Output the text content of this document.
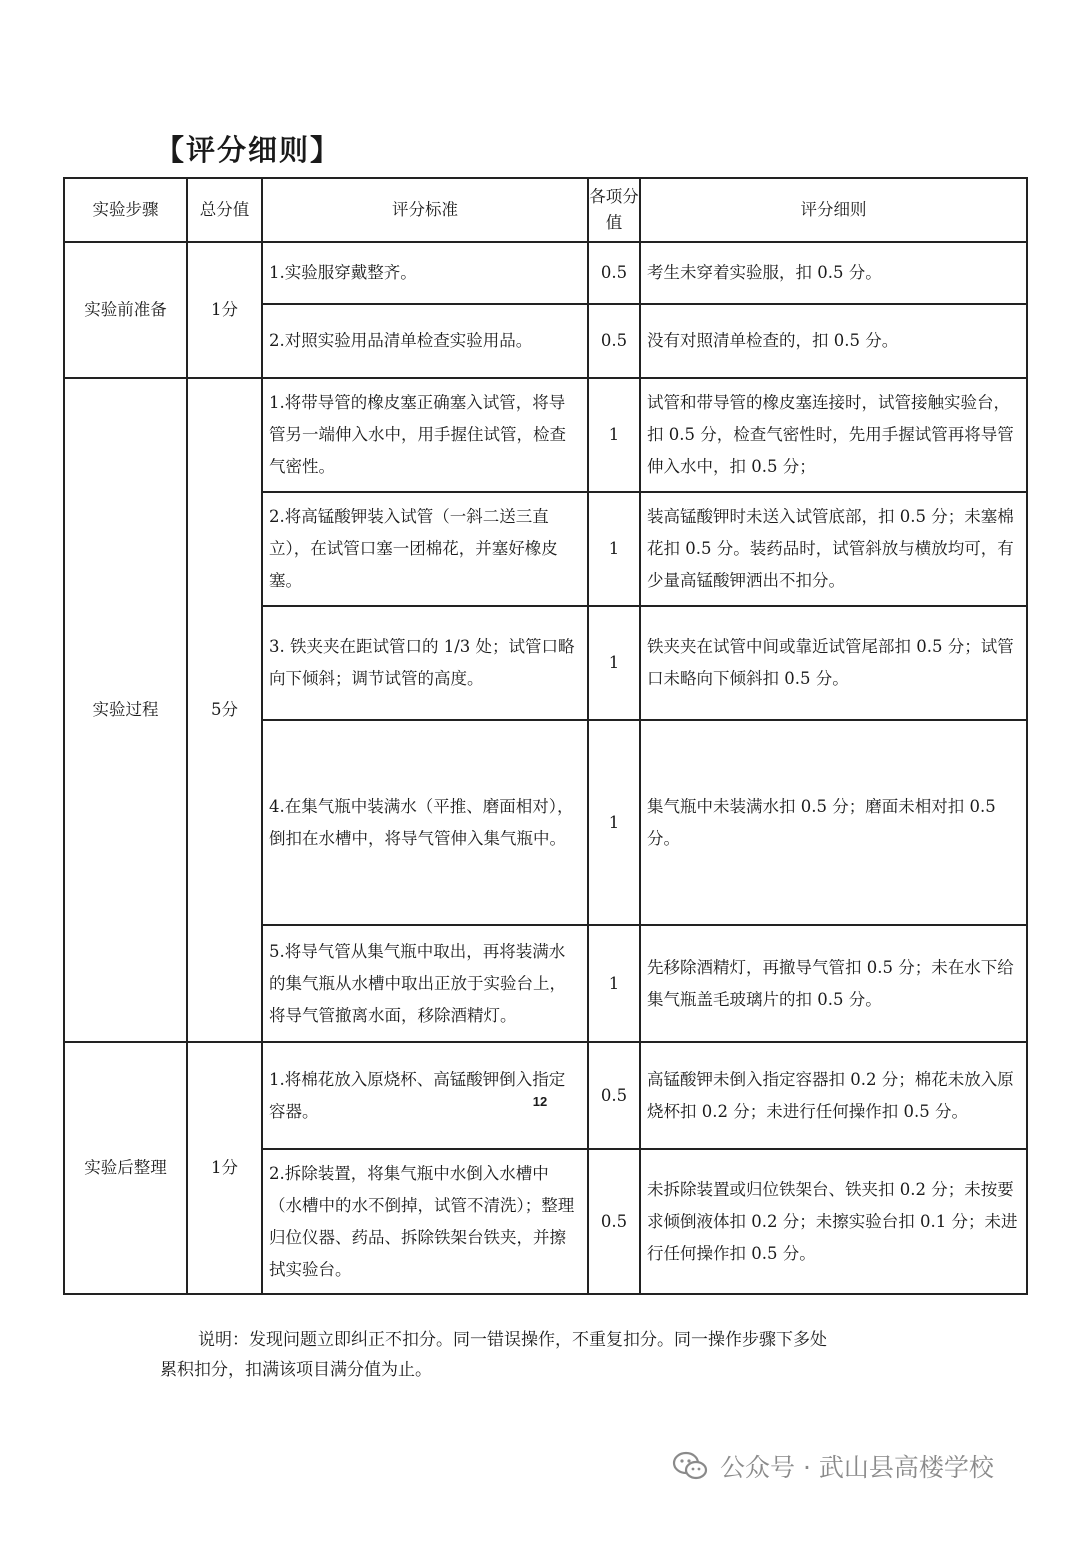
【评分细则】
实验步骤	总分值	评分标准	各项分值	评分细则
实验前准备	1分	1.实验服穿戴整齐。	0.5	考生未穿着实验服，扣 0.5 分。
		2.对照实验用品清单检查实验用品。	0.5	没有对照清单检查的，扣 0.5 分。
实验过程	5分	1.将带导管的橡皮塞正确塞入试管，将导管另一端伸入水中，用手握住试管，检查气密性。	1	试管和带导管的橡皮塞连接时，试管接触实验台，扣 0.5 分，检查气密性时，先用手握试管再将导管伸入水中，扣 0.5 分；
		2.将高锰酸钾装入试管（一斜二送三直立），在试管口塞一团棉花，并塞好橡皮塞。	1	装高锰酸钾时未送入试管底部，扣 0.5 分；未塞棉花扣 0.5 分。装药品时，试管斜放与横放均可，有少量高锰酸钾洒出不扣分。
		3. 铁夹夹在距试管口的 1/3 处；试管口略向下倾斜；调节试管的高度。	1	铁夹夹在试管中间或靠近试管尾部扣 0.5 分；试管口未略向下倾斜扣 0.5 分。
		4.在集气瓶中装满水（平推、磨面相对），倒扣在水槽中，将导气管伸入集气瓶中。	1	集气瓶中未装满水扣 0.5 分；磨面未相对扣 0.5 分。
		5.将导气管从集气瓶中取出，再将装满水的集气瓶从水槽中取出正放于实验台上，将导气管撤离水面，移除酒精灯。	1	先移除酒精灯，再撤导气管扣 0.5 分；未在水下给集气瓶盖毛玻璃片的扣 0.5 分。
实验后整理	1分	1.将棉花放入原烧杯、高锰酸钾倒入指定容器。	0.5	高锰酸钾未倒入指定容器扣 0.2 分；棉花未放入原烧杯扣 0.2 分；未进行任何操作扣 0.5 分。
		2.拆除装置，将集气瓶中水倒入水槽中（水槽中的水不倒掉，试管不清洗）；整理归位仪器、药品、拆除铁架台铁夹，并擦拭实验台。	0.5	未拆除装置或归位铁架台、铁夹扣 0.2 分；未按要求倾倒液体扣 0.2 分；未擦实验台扣 0.1 分；未进行任何操作扣 0.5 分。
说明：发现问题立即纠正不扣分。同一错误操作，不重复扣分。同一操作步骤下多处
累积扣分，扣满该项目满分值为止。
12
公众号 · 武山县高楼学校
